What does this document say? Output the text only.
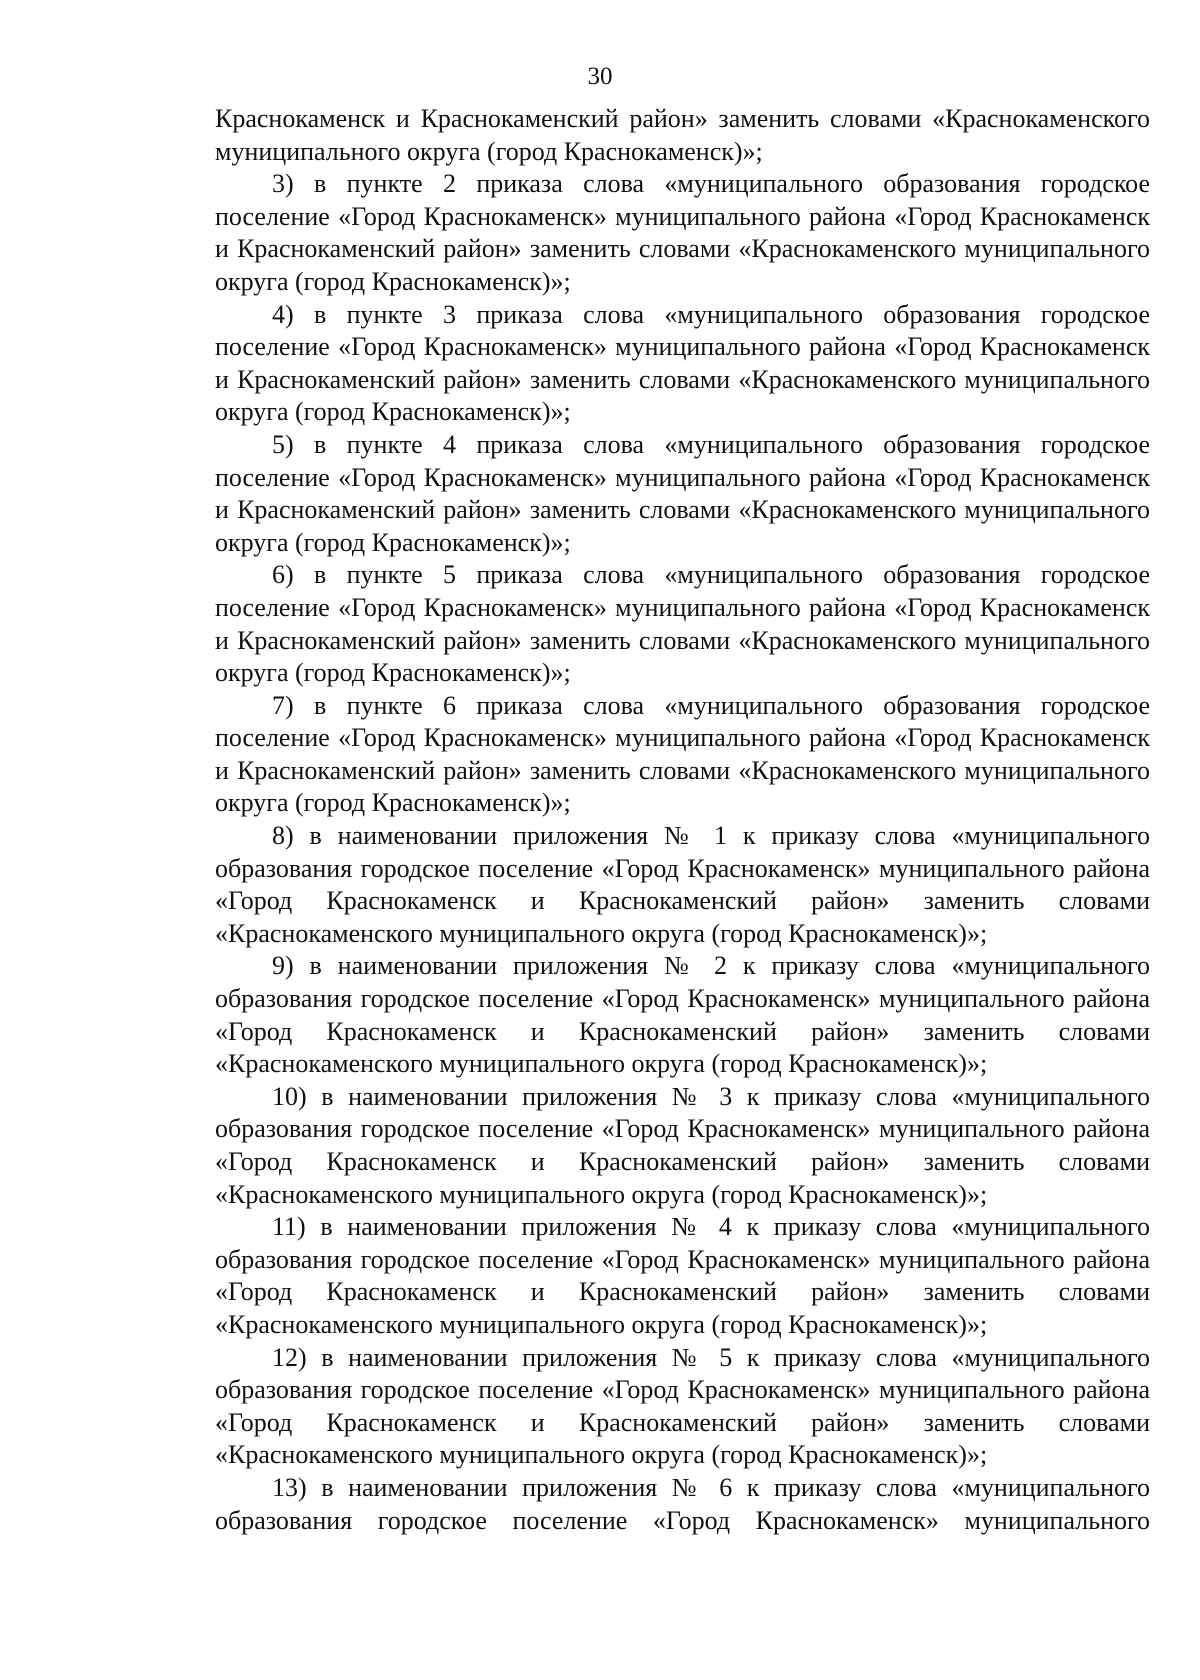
30

Краснокаменск и Краснокаменский район» заменить словами «Краснокаменского муниципального округа (город Краснокаменск)»;

3) в пункте 2 приказа слова «муниципального образования городское поселение «Город Краснокаменск» муниципального района «Город Краснокаменск и Краснокаменский район» заменить словами «Краснокаменского муниципального округа (город Краснокаменск)»;

4) в пункте 3 приказа слова «муниципального образования городское поселение «Город Краснокаменск» муниципального района «Город Краснокаменск и Краснокаменский район» заменить словами «Краснокаменского муниципального округа (город Краснокаменск)»;

5) в пункте 4 приказа слова «муниципального образования городское поселение «Город Краснокаменск» муниципального района «Город Краснокаменск и Краснокаменский район» заменить словами «Краснокаменского муниципального округа (город Краснокаменск)»;

6) в пункте 5 приказа слова «муниципального образования городское поселение «Город Краснокаменск» муниципального района «Город Краснокаменск и Краснокаменский район» заменить словами «Краснокаменского муниципального округа (город Краснокаменск)»;

7) в пункте 6 приказа слова «муниципального образования городское поселение «Город Краснокаменск» муниципального района «Город Краснокаменск и Краснокаменский район» заменить словами «Краснокаменского муниципального округа (город Краснокаменск)»;

8) в наименовании приложения № 1 к приказу слова «муниципального образования городское поселение «Город Краснокаменск» муниципального района «Город Краснокаменск и Краснокаменский район» заменить словами «Краснокаменского муниципального округа (город Краснокаменск)»;

9) в наименовании приложения № 2 к приказу слова «муниципального образования городское поселение «Город Краснокаменск» муниципального района «Город Краснокаменск и Краснокаменский район» заменить словами «Краснокаменского муниципального округа (город Краснокаменск)»;

10) в наименовании приложения № 3 к приказу слова «муниципального образования городское поселение «Город Краснокаменск» муниципального района «Город Краснокаменск и Краснокаменский район» заменить словами «Краснокаменского муниципального округа (город Краснокаменск)»;

11) в наименовании приложения № 4 к приказу слова «муниципального образования городское поселение «Город Краснокаменск» муниципального района «Город Краснокаменск и Краснокаменский район» заменить словами «Краснокаменского муниципального округа (город Краснокаменск)»;

12) в наименовании приложения № 5 к приказу слова «муниципального образования городское поселение «Город Краснокаменск» муниципального района «Город Краснокаменск и Краснокаменский район» заменить словами «Краснокаменского муниципального округа (город Краснокаменск)»;

13) в наименовании приложения № 6 к приказу слова «муниципального образования городское поселение «Город Краснокаменск» муниципального
